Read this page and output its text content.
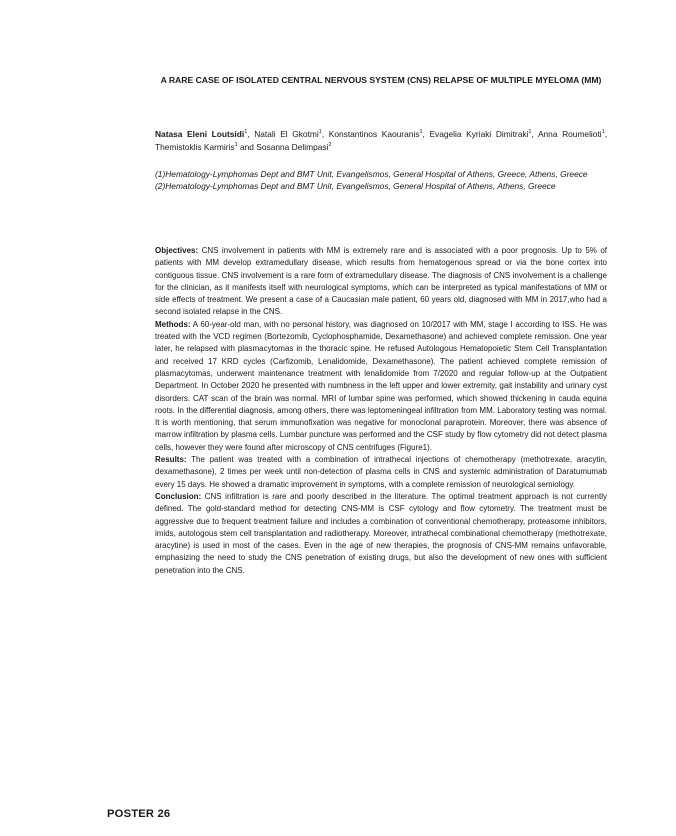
A RARE CASE OF ISOLATED CENTRAL NERVOUS SYSTEM (CNS) RELAPSE OF MULTIPLE MYELOMA (MM)
Natasa Eleni Loutsidi$^1$, Natali El Gkotmi$^1$, Konstantinos Kaouranis$^1$, Evagelia Kyriaki Dimitraki$^1$, Anna Roumelioti$^1$, Themistoklis Karmiris$^1$ and Sosanna Delimpasi$^2$
(1)Hematology-Lymphomas Dept and BMT Unit, Evangelismos, General Hospital of Athens, Greece, Athens, Greece
(2)Hematology-Lymphomas Dept and BMT Unit, Evangelismos, General Hospital of Athens, Athens, Greece

Objectives: CNS involvement in patients with MM is extremely rare and is associated with a poor prognosis. Up to 5% of patients with MM develop extramedullary disease, which results from hematogenous spread or via the bone cortex into contiguous tissue. CNS involvement is a rare form of extramedullary disease. The diagnosis of CNS involvement is a challenge for the clinician, as it manifests itself with neurological symptoms, which can be interpreted as typical manifestations of MM or side effects of treatment. We present a case of a Caucasian male patient, 60 years old, diagnosed with MM in 2017,who had a second isolated relapse in the CNS.

Methods: A 60-year-old man, with no personal history, was diagnosed on 10/2017 with MM, stage I according to ISS. He was treated with the VCD regimen (Bortezomib, Cyclophosphamide, Dexamethasone) and achieved complete remission. One year later, he relapsed with plasmacytomas in the thoracic spine. He refused Autologous Hematopoietic Stem Cell Transplantation and received 17 KRD cycles (Carfizomib, Lenalidomide, Dexamethasone). The patient achieved complete remission of plasmacytomas, underwent maintenance treatment with lenalidomide from 7/2020 and regular follow-up at the Outpatient Department. In October 2020 he presented with numbness in the left upper and lower extremity, gait instability and urinary cyst disorders. CAT scan of the brain was normal. MRI of lumbar spine was performed, which showed thickening in cauda equina roots. In the differential diagnosis, among others, there was leptomeningeal infiltration from MM. Laboratory testing was normal. It is worth mentioning, that serum immunofixation was negative for monoclonal paraprotein. Moreover, there was absence of marrow infiltration by plasma cells. Lumbar puncture was performed and the CSF study by flow cytometry did not detect plasma cells, however they were found after microscopy of CNS centrifuges (Figure1).

Results: The patient was treated with a combination of intrathecal injections of chemotherapy (methotrexate, aracytin, dexamethasone), 2 times per week until non-detection of plasma cells in CNS and systemic administration of Daratumumab every 15 days. He showed a dramatic improvement in symptoms, with a complete remission of neurological semiology.

Conclusion: CNS infiltration is rare and poorly described in the literature. The optimal treatment approach is not currently defined. The gold-standard method for detecting CNS-MM is CSF cytology and flow cytometry. The treatment must be aggressive due to frequent treatment failure and includes a combination of conventional chemotherapy, proteasome inhibitors, imids, autologous stem cell transplantation and radiotherapy. Moreover, intrathecal combinational chemotherapy (methotrexate, aracytine) is used in most of the cases. Even in the age of new therapies, the prognosis of CNS-MM remains unfavorable, emphasizing the need to study the CNS penetration of existing drugs, but also the development of new ones with sufficient penetration into the CNS.

POSTER 26
